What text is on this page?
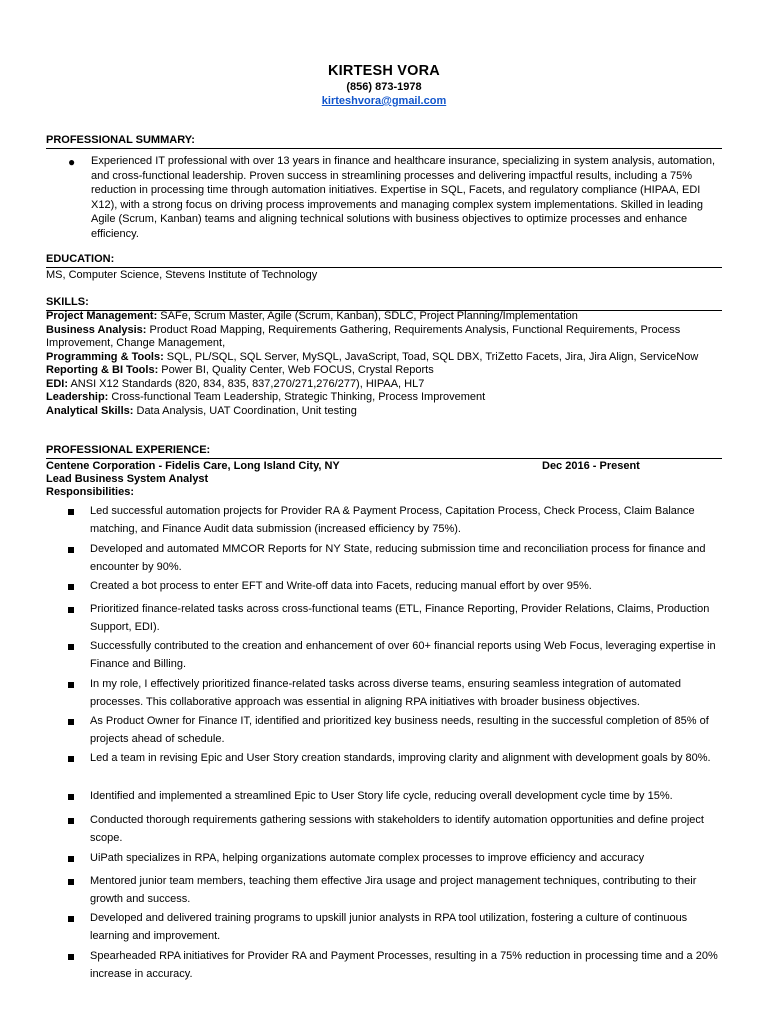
KIRTESH VORA
(856) 873-1978
kirteshvora@gmail.com
PROFESSIONAL SUMMARY:
● Experienced IT professional with over 13 years in finance and healthcare insurance, specializing in system analysis, automation, and cross-functional leadership. Proven success in streamlining processes and delivering impactful results, including a 75% reduction in processing time through automation initiatives. Expertise in SQL, Facets, and regulatory compliance (HIPAA, EDI X12), with a strong focus on driving process improvements and managing complex system implementations. Skilled in leading Agile (Scrum, Kanban) teams and aligning technical solutions with business objectives to optimize processes and enhance efficiency.
EDUCATION:
MS, Computer Science, Stevens Institute of Technology
SKILLS:

Project Management: SAFe, Scrum Master, Agile (Scrum, Kanban), SDLC, Project Planning/Implementation

Business Analysis: Product Road Mapping, Requirements Gathering, Requirements Analysis, Functional Requirements, Process Improvement, Change Management,

Programming & Tools: SQL, PL/SQL, SQL Server, MySQL, JavaScript, Toad, SQL DBX, TriZetto Facets, Jira, Jira Align, ServiceNow

Reporting & BI Tools: Power BI, Quality Center, Web FOCUS, Crystal Reports

EDI: ANSI X12 Standards (820, 834, 835, 837,270/271,276/277), HIPAA, HL7

Leadership: Cross-functional Team Leadership, Strategic Thinking, Process Improvement

Analytical Skills: Data Analysis, UAT Coordination, Unit testing

PROFESSIONAL EXPERIENCE:
Centene Corporation - Fidelis Care, Long Island City, NY	Dec 2016 - Present
Lead Business System Analyst
Responsibilities:
Led successful automation projects for Provider RA & Payment Process, Capitation Process, Check Process, Claim Balance matching, and Finance Audit data submission (increased efficiency by 75%).
Developed and automated MMCOR Reports for NY State, reducing submission time and reconciliation process for finance and encounter by 90%.
Created a bot process to enter EFT and Write-off data into Facets, reducing manual effort by over 95%.
Prioritized finance-related tasks across cross-functional teams (ETL, Finance Reporting, Provider Relations, Claims, Production Support, EDI).
Successfully contributed to the creation and enhancement of over 60+ financial reports using Web Focus, leveraging expertise in Finance and Billing.
In my role, I effectively prioritized finance-related tasks across diverse teams, ensuring seamless integration of automated processes. This collaborative approach was essential in aligning RPA initiatives with broader business objectives.
As Product Owner for Finance IT, identified and prioritized key business needs, resulting in the successful completion of 85% of projects ahead of schedule.
Led a team in revising Epic and User Story creation standards, improving clarity and alignment with development goals by 80%.
Identified and implemented a streamlined Epic to User Story life cycle, reducing overall development cycle time by 15%.
Conducted thorough requirements gathering sessions with stakeholders to identify automation opportunities and define project scope.
UiPath specializes in RPA, helping organizations automate complex processes to improve efficiency and accuracy
Mentored junior team members, teaching them effective Jira usage and project management techniques, contributing to their growth and success.
Developed and delivered training programs to upskill junior analysts in RPA tool utilization, fostering a culture of continuous learning and improvement.
Spearheaded RPA initiatives for Provider RA and Payment Processes, resulting in a 75% reduction in processing time and a 20% increase in accuracy.
